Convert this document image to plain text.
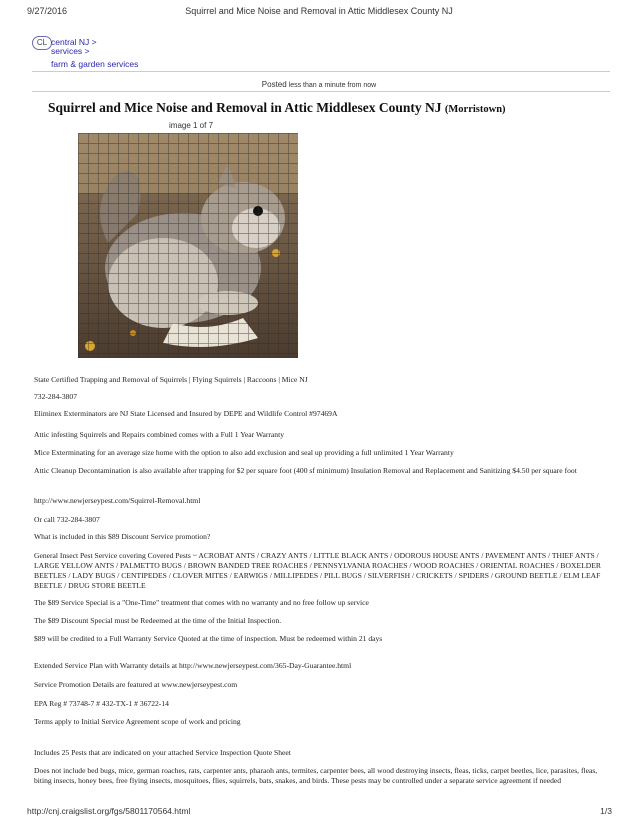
9/27/2016	Squirrel and Mice Noise and Removal in Attic Middlesex County NJ
CL central NJ >
services >
farm & garden services
Posted less than a minute from now
Squirrel and Mice Noise and Removal in Attic Middlesex County NJ (Morristown)
image 1 of 7

State Certified Trapping and Removal of Squirrels | Flying Squirrels | Raccoons | Mice NJ

732-284-3807

Eliminex Exterminators are NJ State Licensed and Insured by DEPE and Wildlife Control #97469A

Attic infesting Squirrels and Repairs combined comes with a Full 1 Year Warranty

Mice Exterminating for an average size home with the option to also add exclusion and seal up providing a full unlimited 1 Year Warranty

Attic Cleanup Decontamination is also available after trapping for $2 per square foot (400 sf minimum) Insulation Removal and Replacement and Sanitizing $4.50 per square foot

http://www.newjerseypest.com/Squirrel-Removal.html

Or call 732-284-3807

What is included in this $89 Discount Service promotion?

General Insect Pest Service covering Covered Pests ~ ACROBAT ANTS / CRAZY ANTS / LITTLE BLACK ANTS / ODOROUS HOUSE ANTS / PAVEMENT ANTS / THIEF ANTS / LARGE YELLOW ANTS / PALMETTO BUGS / BROWN BANDED TREE ROACHES / PENNSYLVANIA ROACHES / WOOD ROACHES / ORIENTAL ROACHES / BOXELDER BEETLES / LADY BUGS / CENTIPEDES / CLOVER MITES / EARWIGS / MILLIPEDES / PILL BUGS / SILVERFISH / CRICKETS / SPIDERS / GROUND BEETLE / ELM LEAF BEETLE / DRUG STORE BEETLE

The $89 Service Special is a "One-Time" treatment that comes with no warranty and no free follow up service

The $89 Discount Special must be Redeemed at the time of the Initial Inspection.

$89 will be credited to a Full Warranty Service Quoted at the time of inspection. Must be redeemed within 21 days

Extended Service Plan with Warranty details at http://www.newjerseypest.com/365-Day-Guarantee.html

Service Promotion Details are featured at www.newjerseypest.com

EPA Reg # 73748-7 # 432-TX-1 # 36722-14

Terms apply to Initial Service Agreement scope of work and pricing

Includes 25 Pests that are indicated on your attached Service Inspection Quote Sheet

Does not include bed bugs, mice, german roaches, rats, carpenter ants, pharaoh ants, termites, carpenter bees, all wood destroying insects, fleas, ticks, carpet beetles, lice, parasites, fleas, biting insects, honey bees, free flying insects, mosquitoes, flies, squirrels, bats, snakes, and birds. These pests may be controlled under a separate service agreement if needed

http://cnj.craigslist.org/fgs/5801170564.html	1/3
